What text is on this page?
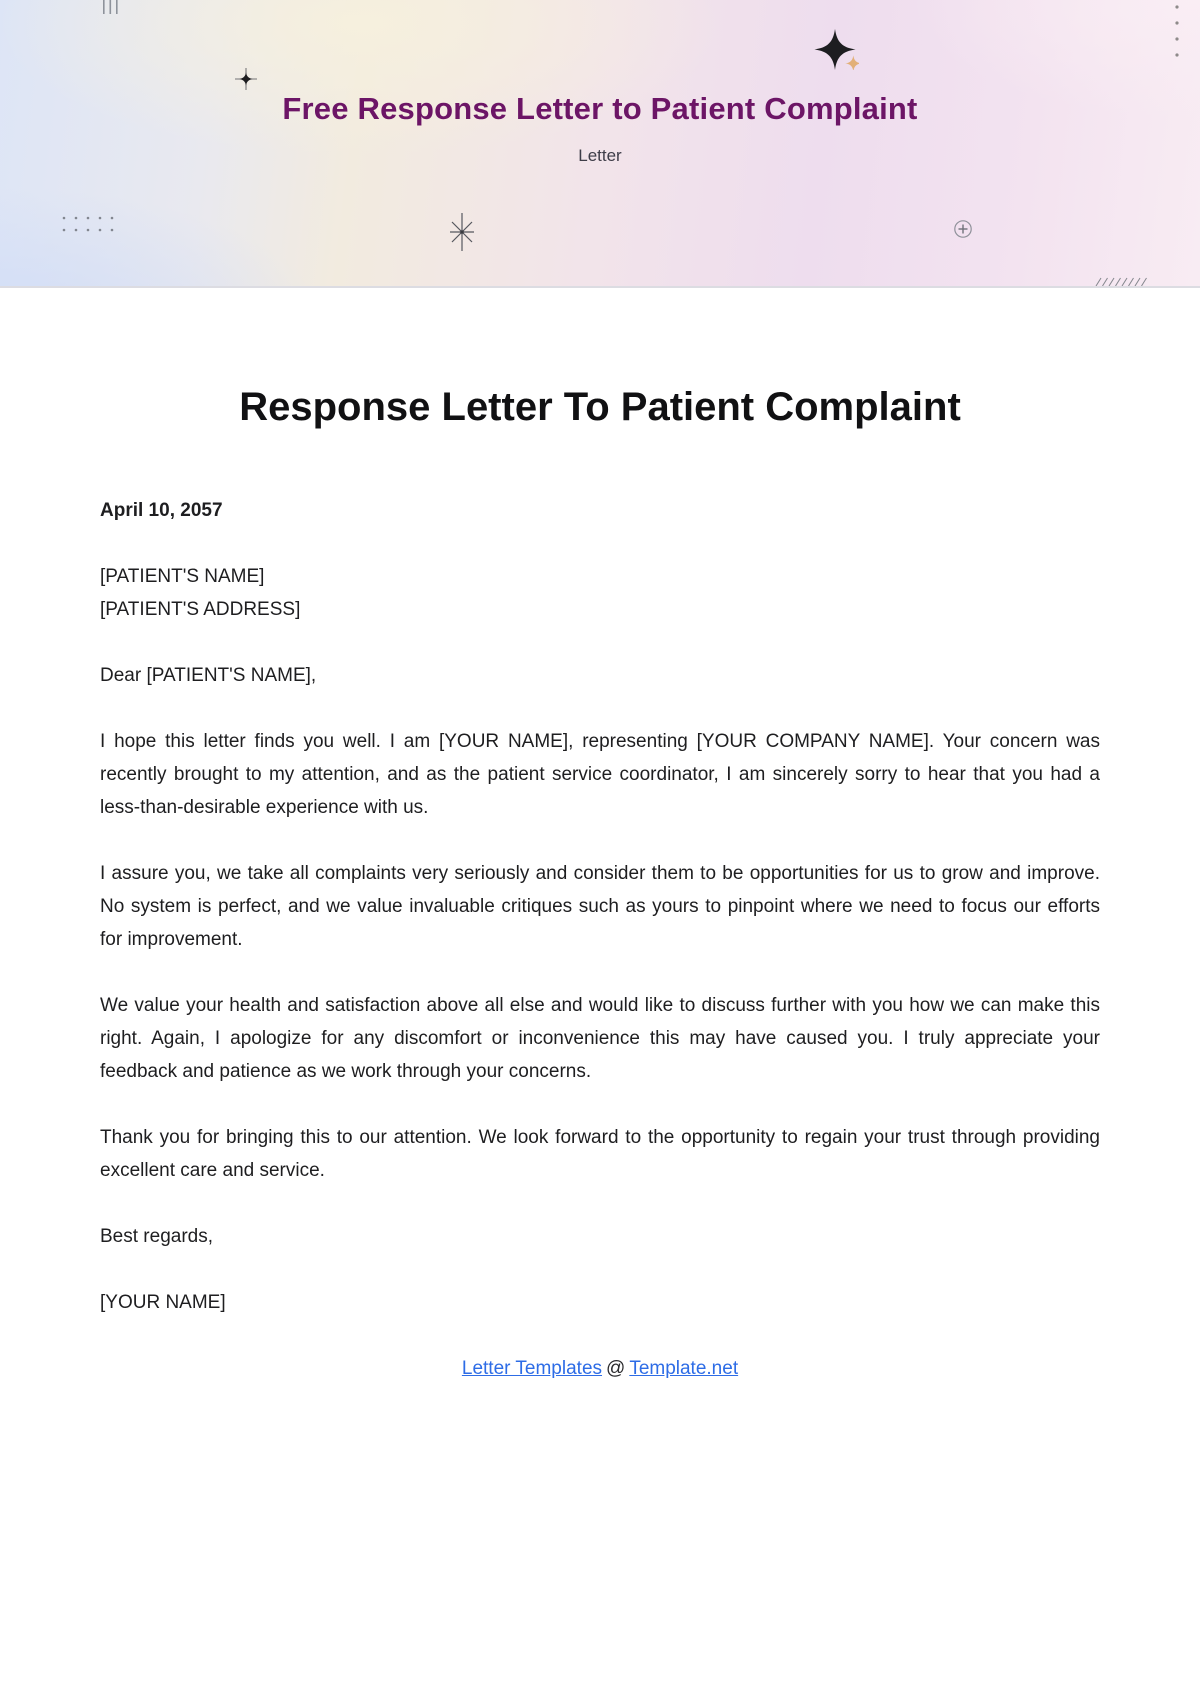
Free Response Letter to Patient Complaint
Letter
Response Letter To Patient Complaint

April 10, 2057

[PATIENT'S NAME]
[PATIENT'S ADDRESS]

Dear [PATIENT'S NAME],

I hope this letter finds you well. I am [YOUR NAME], representing [YOUR COMPANY NAME]. Your concern was recently brought to my attention, and as the patient service coordinator, I am sincerely sorry to hear that you had a less-than-desirable experience with us.

I assure you, we take all complaints very seriously and consider them to be opportunities for us to grow and improve. No system is perfect, and we value invaluable critiques such as yours to pinpoint where we need to focus our efforts for improvement.

We value your health and satisfaction above all else and would like to discuss further with you how we can make this right. Again, I apologize for any discomfort or inconvenience this may have caused you. I truly appreciate your feedback and patience as we work through your concerns.

Thank you for bringing this to our attention. We look forward to the opportunity to regain your trust through providing excellent care and service.

Best regards,

[YOUR NAME]

Letter Templates @ Template.net
